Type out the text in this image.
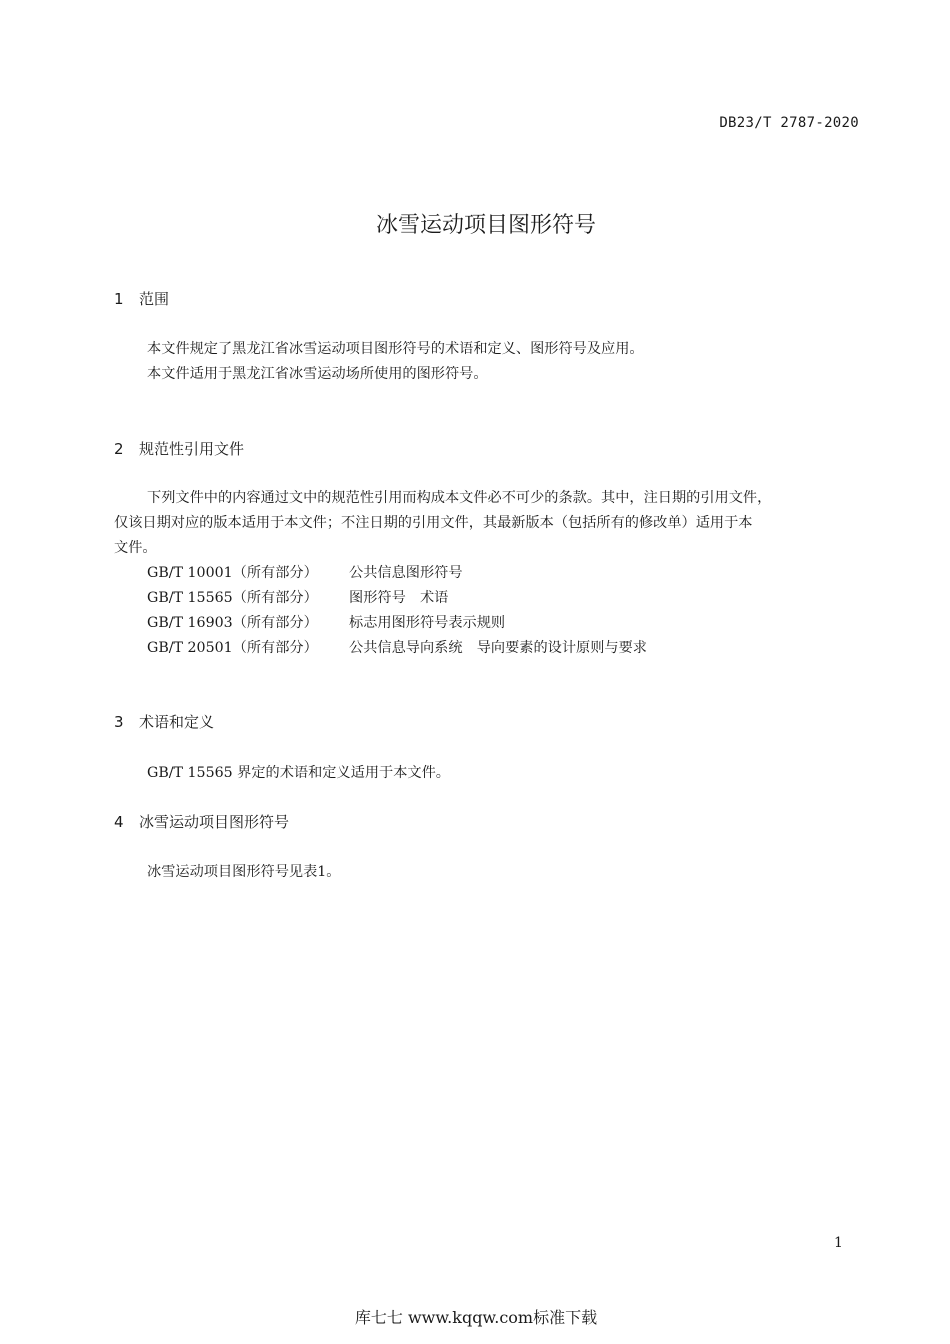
DB23/T 2787-2020
冰雪运动项目图形符号
1 范围
本文件规定了黑龙江省冰雪运动项目图形符号的术语和定义、图形符号及应用。
本文件适用于黑龙江省冰雪运动场所使用的图形符号。
2 规范性引用文件
下列文件中的内容通过文中的规范性引用而构成本文件必不可少的条款。其中，注日期的引用文件，
仅该日期对应的版本适用于本文件；不注日期的引用文件，其最新版本（包括所有的修改单）适用于本
文件。
GB/T 10001（所有部分） 公共信息图形符号
GB/T 15565（所有部分） 图形符号　术语
GB/T 16903（所有部分） 标志用图形符号表示规则
GB/T 20501（所有部分） 公共信息导向系统　导向要素的设计原则与要求
3 术语和定义
GB/T 15565 界定的术语和定义适用于本文件。
4 冰雪运动项目图形符号
冰雪运动项目图形符号见表1。
1
库七七 www.kqqw.com标准下载
